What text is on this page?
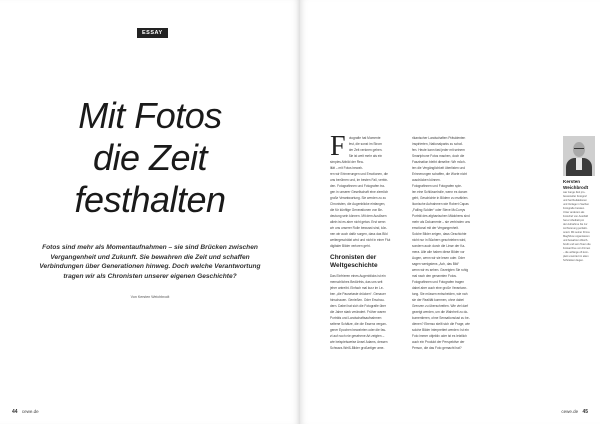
ESSAY
Mit Fotos
die Zeit
festhalten

Fotos sind mehr als Momentaufnahmen – sie sind Brücken zwischen Vergangenheit und Zukunft. Sie bewahren die Zeit und schaffen Verbindungen über Generationen hinweg. Doch welche Verantwortung tragen wir als Chronisten unserer eigenen Geschichte?

Von Kersten Weichbrodt
44 cewe.de
F otografie hat Momente
fest, die sonst im Strom
der Zeit verloren gehen.
Sie ist weit mehr als ein
simples Abbild der Rea-
lität – mit Fotos bewah-
ren wir Erinnerungen und Emotionen, die
uns berühren und, im besten Fall, verbin-
den. Fotografinnen und Fotografen tra-
gen in unserer Gesellschaft eine ziemlich
große Verantwortung. Sie werden zu zu
Chronisten, die Augenblicke einfangen,
die für künftige Generationen von Be-
deutung sein können. Mit dem Auslösen
allein ist es aber nicht getan. Erst wenn
wir uns unserer Rolle bewusst sind, kön-
nen wir auch dafür sorgen, dass das Bild
weitergeschätzt wird und nicht in einer Flut
digitaler Bilder verloren geht.
Chronisten der Weltgeschichte
Das Einfrieren eines Augenblicks ist ein
menschliches Bedürfnis, das uns seit
jeher antreibt. Einfach mal kurz im Le-
ben „die Pausetaste drücken“. Genauer
hinschauen. Genießen. Oder Erschau-
dern. Dabei hat sich die Fotografie über
die Jahre stark verändert. Früher waren
Porträts und Landschaftsaufnahmen
seltene Schätze, die die Essenz vergan-
gener Epochen bewahrten oder die fas-
zt auf noch nie gesehene Art zeigten –
wie beispielsweise Ansel Adams, dessen
Schwarz-Weiß-Bilder großartiger ame-
rikanischer Landschaften Präsidenten
inspirierten, Nationalparks zu schaf-
fen. Heute kann fast jeder mit seinem
Smartphone Fotos machen, doch die
Faszination bleibt dieselbe: Wir möch-
ten die Vergänglichkeit überlisten und
Erinnerungen schaffen, die Worte nicht
ausdrücken können.
Fotografinnen und Fotografen spie-
len eine Schlüsselrolle, wenn es darum
geht, Geschichte in Bildern zu erzählen.
Ikonische Aufnahmen wie Robert Capas
„Falling Soldier“ oder Steve McCurrys
Porträt des afghanischen Mädchens sind
mehr als Dokumente – sie verbinden uns
emotional mit der Vergangenheit.
Solche Bilder zeigen, dass Geschichte
nicht nur in Büchern geschrieben wird,
sondern auch durch die Linse der Ka-
mera. Alle alle haben diese Bilder vor
Augen, wenn wir sie lesen oder. Oder
sagen wenigstens „Ach, das Bild“
wenn wir es sehen. Gezeigten Sie ruhig
mal nach den genannten Fotos.
Fotografinnen und Fotografen tragen
dabei aber auch eine große Verantwor-
tung. Sie müssen entscheiden, wie nah
sie der Realität kommen, ohne dabei
Grenzen zu überschreiten. Wie viel darf
gezeigt werden, um die Wahrheit zu do-
kumentieren, ohne Sensationslust zu be-
dienen? Ebenso stellt sich die Frage, wie
solche Bilder interpretiert werden: Ist ein
Foto immer objektiv oder ist es letztlich
auch ein Produkt der Perspektive der
Person, die das Foto gemacht hat?
Kersten Weichbrodt
war Jange Zeit pro-
fessioneller Fotograf
und hat Redaktionen
und Verlage in Sachen
Fotografie beraten.
Unter anderem als
Fotochef von Autobild
hat er Abeibalt pro
der Aufnahme bis zur
Archivierung perfekti-
oniert. Mit seiner Firma
MagShow organisieren
und bewahren Weich-
brodt und sein Team die
Fotoarchive von Firmen
– die anfänge oft kom-
plett unsortiert in alten
Schränken liegen.
cewe.de 45
